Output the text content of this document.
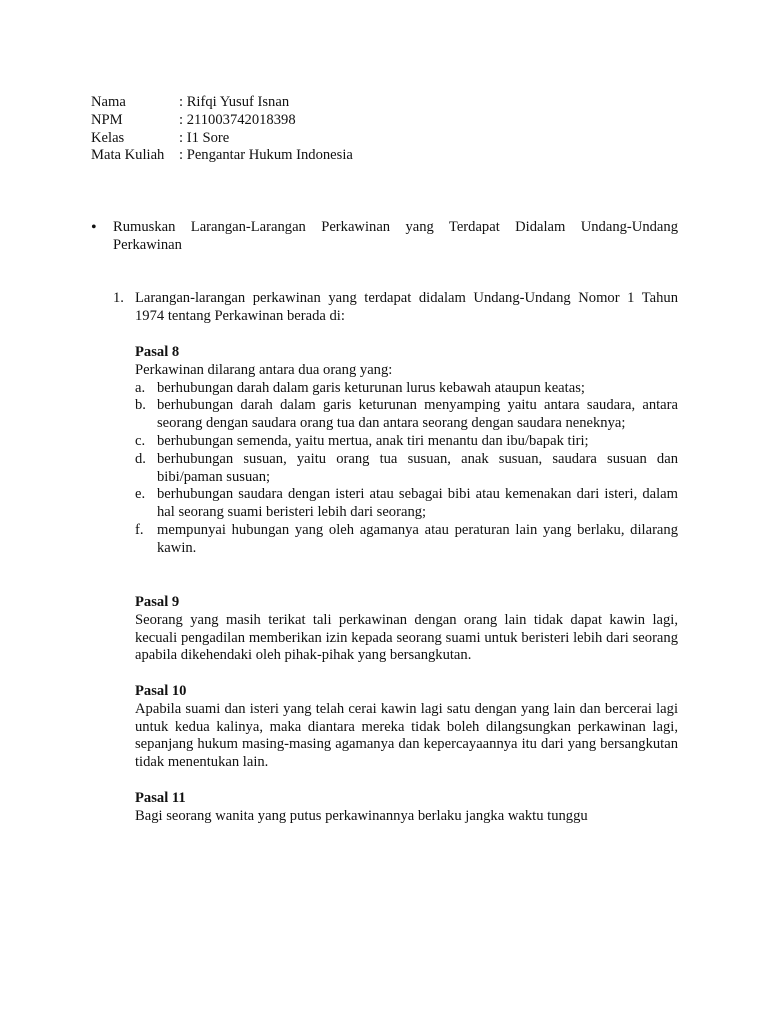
Nama	: Rifqi Yusuf Isnan
NPM	: 211003742018398
Kelas	: I1 Sore
Mata Kuliah	: Pengantar Hukum Indonesia
•	Rumuskan Larangan-Larangan Perkawinan yang Terdapat Didalam Undang-Undang Perkawinan
1. Larangan-larangan perkawinan yang terdapat didalam Undang-Undang Nomor 1 Tahun 1974 tentang Perkawinan berada di:
Pasal 8
Perkawinan dilarang antara dua orang yang:
a. berhubungan darah dalam garis keturunan lurus kebawah ataupun keatas;
b. berhubungan darah dalam garis keturunan menyamping yaitu antara saudara, antara seorang dengan saudara orang tua dan antara seorang dengan saudara neneknya;
c. berhubungan semenda, yaitu mertua, anak tiri menantu dan ibu/bapak tiri;
d. berhubungan susuan, yaitu orang tua susuan, anak susuan, saudara susuan dan bibi/paman susuan;
e. berhubungan saudara dengan isteri atau sebagai bibi atau kemenakan dari isteri, dalam hal seorang suami beristeri lebih dari seorang;
f. mempunyai hubungan yang oleh agamanya atau peraturan lain yang berlaku, dilarang kawin.
Pasal 9
Seorang yang masih terikat tali perkawinan dengan orang lain tidak dapat kawin lagi, kecuali pengadilan memberikan izin kepada seorang suami untuk beristeri lebih dari seorang apabila dikehendaki oleh pihak-pihak yang bersangkutan.
Pasal 10
Apabila suami dan isteri yang telah cerai kawin lagi satu dengan yang lain dan bercerai lagi untuk kedua kalinya, maka diantara mereka tidak boleh dilangsungkan perkawinan lagi, sepanjang hukum masing-masing agamanya dan kepercayaannya itu dari yang bersangkutan tidak menentukan lain.
Pasal 11
Bagi seorang wanita yang putus perkawinannya berlaku jangka waktu tunggu
